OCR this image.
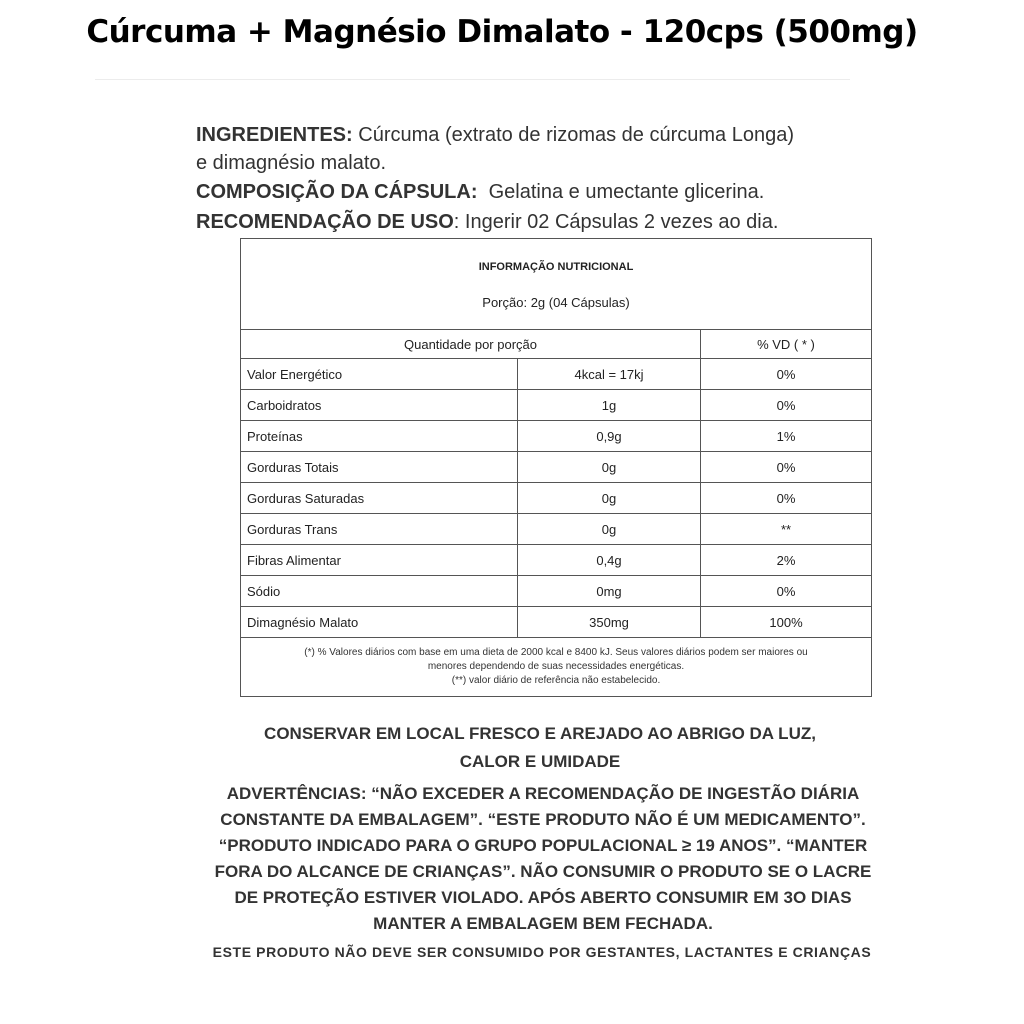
Cúrcuma + Magnésio Dimalato - 120cps (500mg)
INGREDIENTES: Cúrcuma (extrato de rizomas de cúrcuma Longa)
e dimagnésio malato.
COMPOSIÇÃO DA CÁPSULA: Gelatina e umectante glicerina.
RECOMENDAÇÃO DE USO: Ingerir 02 Cápsulas 2 vezes ao dia.
INFORMAÇÃO NUTRICIONAL		
Porção: 2g (04 Cápsulas)		
Quantidade por porção		% VD ( * )
Valor Energético	4kcal = 17kj	0%
Carboidratos	1g	0%
Proteínas	0,9g	1%
Gorduras Totais	0g	0%
Gorduras Saturadas	0g	0%
Gorduras Trans	0g	**
Fibras Alimentar	0,4g	2%
Sódio	0mg	0%
Dimagnésio Malato	350mg	100%

(*) % Valores diários com base em uma dieta de 2000 kcal e 8400 kJ. Seus valores diários podem ser maiores ou
menores dependendo de suas necessidades energéticas.
(**) valor diário de referência não estabelecido.		
CONSERVAR EM LOCAL FRESCO E AREJADO AO ABRIGO DA LUZ,
CALOR E UMIDADE
ADVERTÊNCIAS: “NÃO EXCEDER A RECOMENDAÇÃO DE INGESTÃO DIÁRIA
CONSTANTE DA EMBALAGEM”. “ESTE PRODUTO NÃO É UM MEDICAMENTO”.
“PRODUTO INDICADO PARA O GRUPO POPULACIONAL ≥ 19 ANOS”. “MANTER
FORA DO ALCANCE DE CRIANÇAS”. NÃO CONSUMIR O PRODUTO SE O LACRE
DE PROTEÇÃO ESTIVER VIOLADO. APÓS ABERTO CONSUMIR EM 3O DIAS
MANTER A EMBALAGEM BEM FECHADA.
ESTE PRODUTO NÃO DEVE SER CONSUMIDO POR GESTANTES, LACTANTES E CRIANÇAS
